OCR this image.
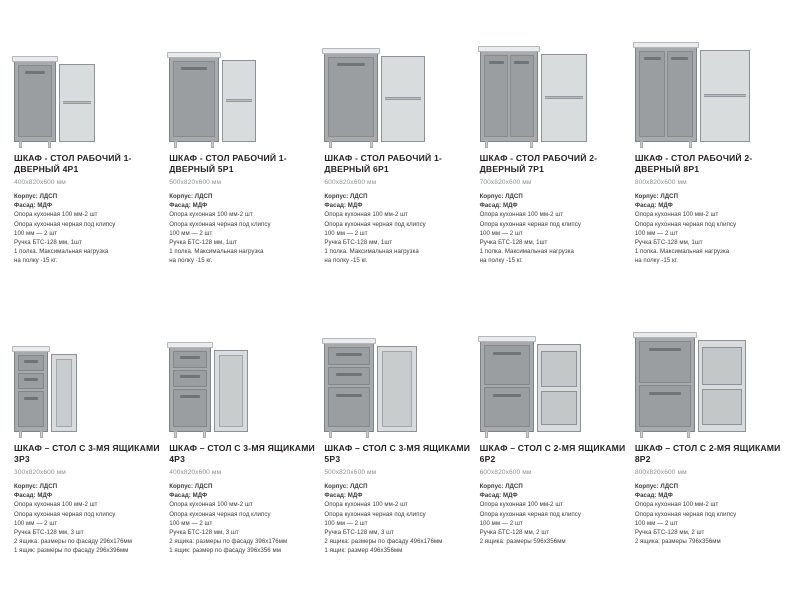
ШКАФ - СТОЛ РАБОЧИЙ 1-ДВЕРНЫЙ 4Р1
400х820х600 мм
Корпус: ЛДСП
Фасад: МДФ
Опора кухонная 100 мм-2 шт
Опора кухонная черная под клипсу
100 мм — 2 шт
Ручка БТС-128 мм, 1шт
1 полка. Максимальная нагрузка
на полку -15 кг.
ШКАФ - СТОЛ РАБОЧИЙ 1-ДВЕРНЫЙ 5Р1
500х820х600 мм
Корпус: ЛДСП
Фасад: МДФ
Опора кухонная 100 мм-2 шт
Опора кухонная черная под клипсу
100 мм — 2 шт
Ручка БТС-128 мм, 1шт
1 полка. Максимальная нагрузка
на полку -15 кг.
ШКАФ - СТОЛ РАБОЧИЙ 1-ДВЕРНЫЙ 6Р1
600х820х600 мм
Корпус: ЛДСП
Фасад: МДФ
Опора кухонная 100 мм-2 шт
Опора кухонная черная под клипсу
100 мм — 2 шт
Ручка БТС-128 мм, 1шт
1 полка. Максимальная нагрузка
на полку -15 кг.
ШКАФ - СТОЛ РАБОЧИЙ 2-ДВЕРНЫЙ 7Р1
700х820х600 мм
Корпус: ЛДСП
Фасад: МДФ
Опора кухонная 100 мм-2 шт
Опора кухонная черная под клипсу
100 мм — 2 шт
Ручка БТС-128 мм, 1шт
1 полка. Максимальная нагрузка
на полку -15 кг.
ШКАФ - СТОЛ РАБОЧИЙ 2-ДВЕРНЫЙ 8Р1
800х820х600 мм
Корпус: ЛДСП
Фасад: МДФ
Опора кухонная 100 мм-2 шт
Опора кухонная черная под клипсу
100 мм — 2 шт
Ручка БТС-128 мм, 1шт
1 полка. Максимальная нагрузка
на полку -15 кг.
ШКАФ – СТОЛ С 3-МЯ ЯЩИКАМИ 3Р3
300х820х600 мм
Корпус: ЛДСП
Фасад: МДФ
Опора кухонная 100 мм-2 шт
Опора кухонная черная под клипсу
100 мм — 2 шт
Ручка БТС-128 мм, 3 шт
2 ящика: размеры по фасаду 296х176мм
1 ящик: размеры по фасаду 296х396мм
ШКАФ – СТОЛ С 3-МЯ ЯЩИКАМИ 4Р3
400х820х600 мм
Корпус: ЛДСП
Фасад: МДФ
Опора кухонная 100 мм-2 шт
Опора кухонная черная под клипсу
100 мм — 2 шт
Ручка БТС-128 мм, 3 шт
2 ящика: размеры по фасаду 396х176мм
1 ящик: размер по фасаду 396х356 мм
ШКАФ – СТОЛ С 3-МЯ ЯЩИКАМИ 5Р3
500х820х600 мм
Корпус: ЛДСП
Фасад: МДФ
Опора кухонная 100 мм-2 шт
Опора кухонная черная под клипсу
100 мм — 2 шт
Ручка БТС-128 мм, 3 шт
2 ящика: размеры по фасаду 496х176мм
1 ящик: размер 496х356мм
ШКАФ – СТОЛ С 2-МЯ ЯЩИКАМИ 6Р2
600х820х600 мм
Корпус: ЛДСП
Фасад: МДФ
Опора кухонная 100 мм-2 шт
Опора кухонная черная под клипсу
100 мм — 2 шт
Ручка БТС-128 мм, 2 шт
2 ящика: размеры 596х356мм
ШКАФ – СТОЛ С 2-МЯ ЯЩИКАМИ 8Р2
800х820х600 мм
Корпус: ЛДСП
Фасад: МДФ
Опора кухонная 100 мм-2 шт
Опора кухонная черная под клипсу
100 мм — 2 шт
Ручка БТС-128 мм, 2 шт
2 ящика: размеры 796х356мм
